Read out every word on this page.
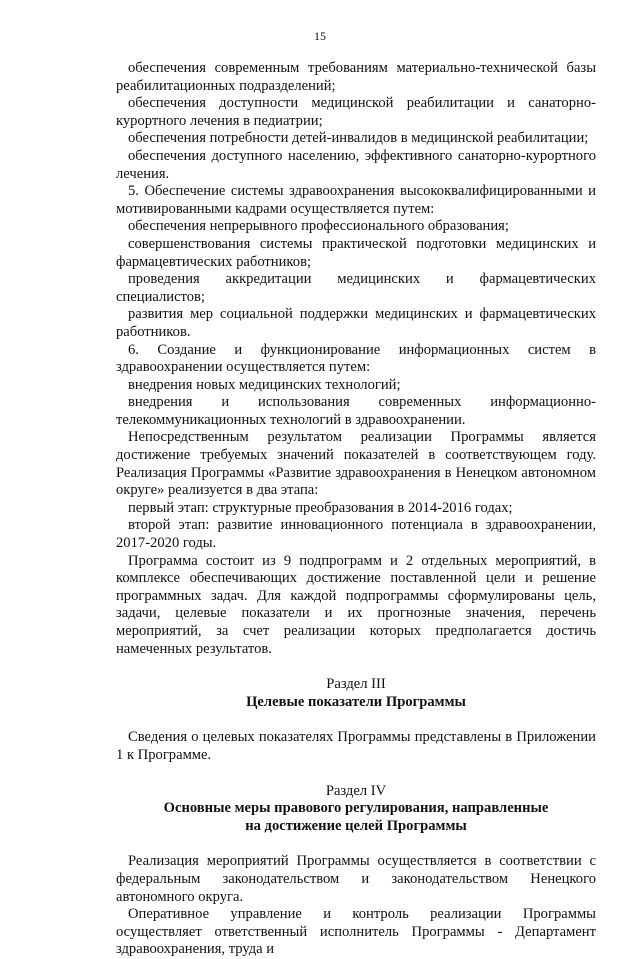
15

обеспечения современным требованиям материально-технической базы реабилитационных подразделений;

обеспечения доступности медицинской реабилитации и санаторно-курортного лечения в педиатрии;

обеспечения потребности детей-инвалидов в медицинской реабилитации;

обеспечения доступного населению, эффективного санаторно-курортного лечения.

5. Обеспечение системы здравоохранения высококвалифицированными и мотивированными кадрами осуществляется путем:

обеспечения непрерывного профессионального образования;

совершенствования системы практической подготовки медицинских и фармацевтических работников;

проведения аккредитации медицинских и фармацевтических специалистов;

развития мер социальной поддержки медицинских и фармацевтических работников.

6. Создание и функционирование информационных систем в здравоохранении осуществляется путем:

внедрения новых медицинских технологий;

внедрения и использования современных информационно-телекоммуникационных технологий в здравоохранении.

Непосредственным результатом реализации Программы является достижение требуемых значений показателей в соответствующем году. Реализация Программы «Развитие здравоохранения в Ненецком автономном округе» реализуется в два этапа:

первый этап: структурные преобразования в 2014-2016 годах;

второй этап: развитие инновационного потенциала в здравоохранении, 2017-2020 годы.

Программа состоит из 9 подпрограмм и 2 отдельных мероприятий, в комплексе обеспечивающих достижение поставленной цели и решение программных задач. Для каждой подпрограммы сформулированы цель, задачи, целевые показатели и их прогнозные значения, перечень мероприятий, за счет реализации которых предполагается достичь намеченных результатов.

Раздел III

Целевые показатели Программы

Сведения о целевых показателях Программы представлены в Приложении 1 к Программе.

Раздел IV

Основные меры правового регулирования, направленные

на достижение целей Программы

Реализация мероприятий Программы осуществляется в соответствии с федеральным законодательством и законодательством Ненецкого автономного округа.

Оперативное управление и контроль реализации Программы осуществляет ответственный исполнитель Программы - Департамент здравоохранения, труда и
